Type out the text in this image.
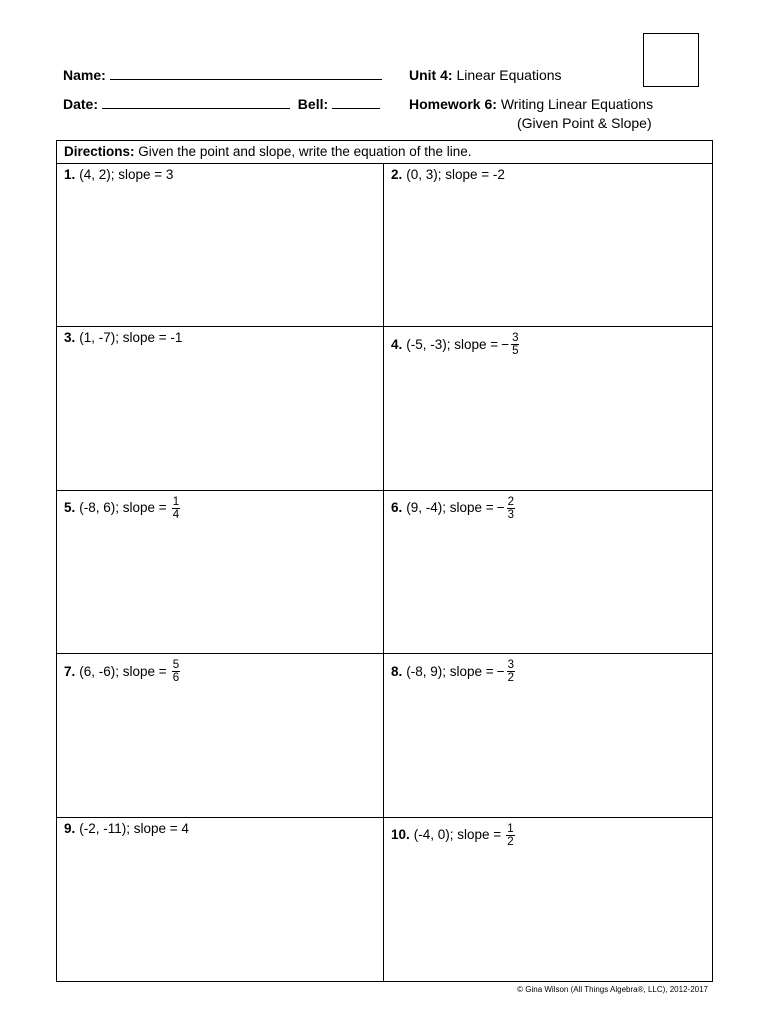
Name:
Date:	Bell:
Unit 4: Linear Equations
Homework 6: Writing Linear Equations
(Given Point & Slope)
Directions: Given the point and slope, write the equation of the line.
1. (4, 2); slope = 3	2. (0, 3); slope = -2
3. (1, -7); slope = -1	4. (-5, -3); slope = − $\frac{3}{5}$
5. (-8, 6); slope = $\frac{1}{4}$	6. (9, -4); slope = − $\frac{2}{3}$
7. (6, -6); slope = $\frac{5}{6}$	8. (-8, 9); slope = − $\frac{3}{2}$
9. (-2, -11); slope = 4	10. (-4, 0); slope = $\frac{1}{2}$
© Gina Wilson (All Things Algebra®, LLC), 2012-2017
